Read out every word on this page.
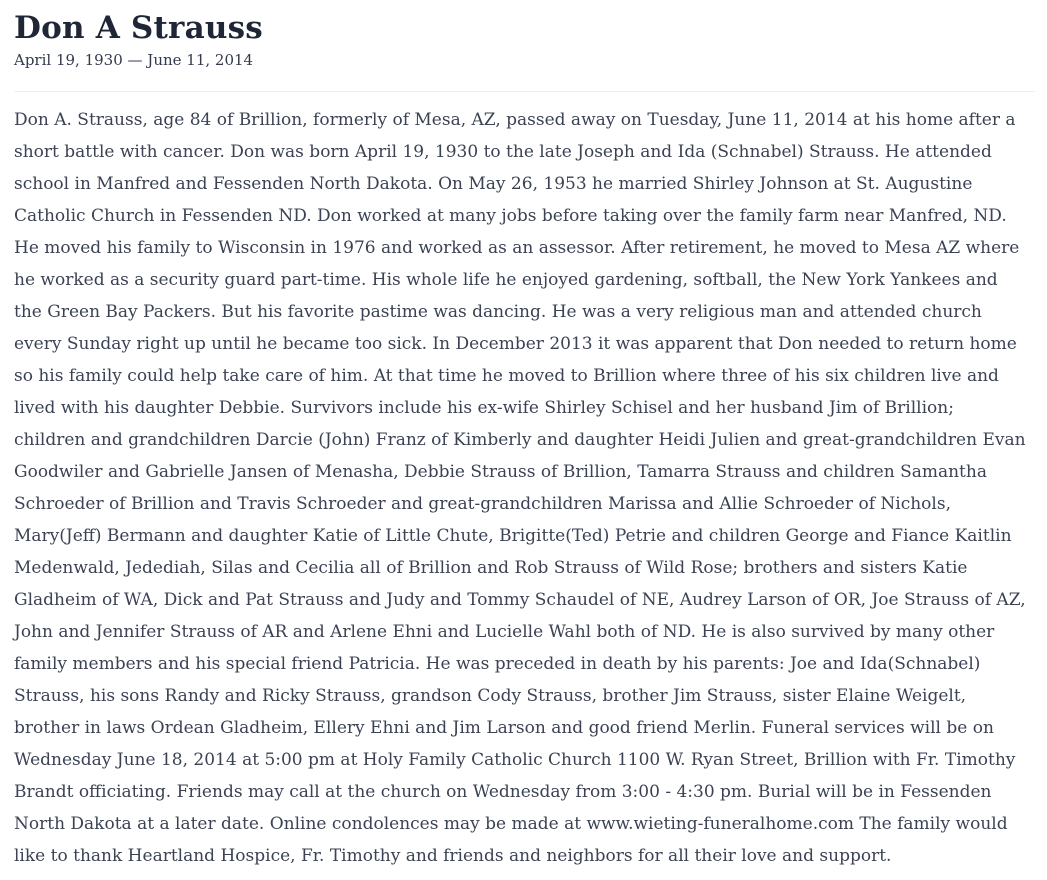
Don A Strauss
April 19, 1930 — June 11, 2014

Don A. Strauss, age 84 of Brillion, formerly of Mesa, AZ, passed away on Tuesday, June 11, 2014 at his home after a short battle with cancer. Don was born April 19, 1930 to the late Joseph and Ida (Schnabel) Strauss. He attended school in Manfred and Fessenden North Dakota. On May 26, 1953 he married Shirley Johnson at St. Augustine Catholic Church in Fessenden ND. Don worked at many jobs before taking over the family farm near Manfred, ND. He moved his family to Wisconsin in 1976 and worked as an assessor. After retirement, he moved to Mesa AZ where he worked as a security guard part-time. His whole life he enjoyed gardening, softball, the New York Yankees and the Green Bay Packers. But his favorite pastime was dancing. He was a very religious man and attended church every Sunday right up until he became too sick. In December 2013 it was apparent that Don needed to return home so his family could help take care of him. At that time he moved to Brillion where three of his six children live and lived with his daughter Debbie. Survivors include his ex-wife Shirley Schisel and her husband Jim of Brillion; children and grandchildren Darcie (John) Franz of Kimberly and daughter Heidi Julien and great-grandchildren Evan Goodwiler and Gabrielle Jansen of Menasha, Debbie Strauss of Brillion, Tamarra Strauss and children Samantha Schroeder of Brillion and Travis Schroeder and great-grandchildren Marissa and Allie Schroeder of Nichols, Mary(Jeff) Bermann and daughter Katie of Little Chute, Brigitte(Ted) Petrie and children George and Fiance Kaitlin Medenwald, Jedediah, Silas and Cecilia all of Brillion and Rob Strauss of Wild Rose; brothers and sisters Katie Gladheim of WA, Dick and Pat Strauss and Judy and Tommy Schaudel of NE, Audrey Larson of OR, Joe Strauss of AZ, John and Jennifer Strauss of AR and Arlene Ehni and Lucielle Wahl both of ND. He is also survived by many other family members and his special friend Patricia. He was preceded in death by his parents: Joe and Ida(Schnabel) Strauss, his sons Randy and Ricky Strauss, grandson Cody Strauss, brother Jim Strauss, sister Elaine Weigelt, brother in laws Ordean Gladheim, Ellery Ehni and Jim Larson and good friend Merlin. Funeral services will be on Wednesday June 18, 2014 at 5:00 pm at Holy Family Catholic Church 1100 W. Ryan Street, Brillion with Fr. Timothy Brandt officiating. Friends may call at the church on Wednesday from 3:00 - 4:30 pm. Burial will be in Fessenden North Dakota at a later date. Online condolences may be made at www.wieting-funeralhome.com The family would like to thank Heartland Hospice, Fr. Timothy and friends and neighbors for all their love and support.
